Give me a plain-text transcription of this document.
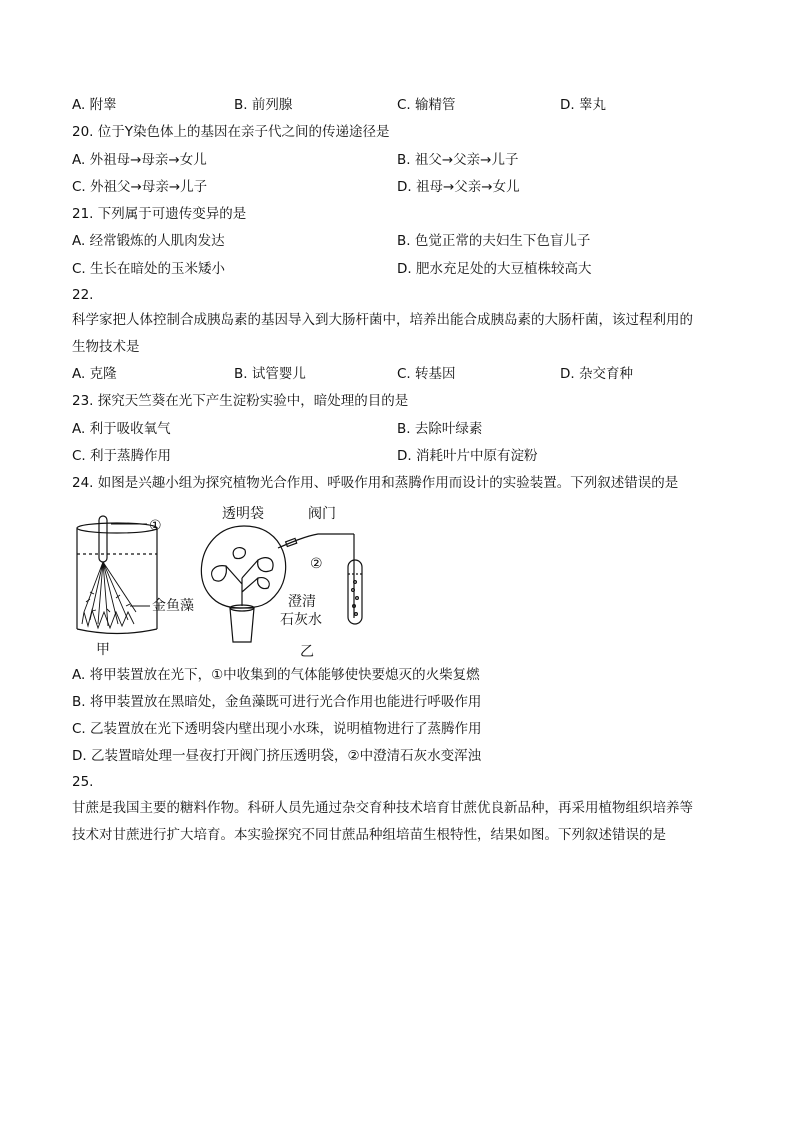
A. 附睾	B. 前列腺	C. 输精管	D. 睾丸
20. 位于Y染色体上的基因在亲子代之间的传递途径是
A. 外祖母→母亲→女儿	B. 祖父→父亲→儿子
C. 外祖父→母亲→儿子	D. 祖母→父亲→女儿
21. 下列属于可遗传变异的是
A. 经常锻炼的人肌肉发达	B. 色觉正常的夫妇生下色盲儿子
C. 生长在暗处的玉米矮小	D. 肥水充足处的大豆植株较高大
22.
科学家把人体控制合成胰岛素的基因导入到大肠杆菌中，培养出能合成胰岛素的大肠杆菌，该过程利用的
生物技术是
A. 克隆	B. 试管婴儿	C. 转基因	D. 杂交育种
23. 探究天竺葵在光下产生淀粉实验中，暗处理的目的是
A. 利于吸收氧气	B. 去除叶绿素
C. 利于蒸腾作用	D. 消耗叶片中原有淀粉
24. 如图是兴趣小组为探究植物光合作用、呼吸作用和蒸腾作用而设计的实验装置。下列叙述错误的是
①
金鱼藻
甲
透明袋	阀门
②
澄清
石灰水
乙
A. 将甲装置放在光下，①中收集到的气体能够使快要熄灭的火柴复燃
B. 将甲装置放在黑暗处，金鱼藻既可进行光合作用也能进行呼吸作用
C. 乙装置放在光下透明袋内壁出现小水珠，说明植物进行了蒸腾作用
D. 乙装置暗处理一昼夜打开阀门挤压透明袋，②中澄清石灰水变浑浊
25.
甘蔗是我国主要的糖料作物。科研人员先通过杂交育种技术培育甘蔗优良新品种，再采用植物组织培养等
技术对甘蔗进行扩大培育。本实验探究不同甘蔗品种组培苗生根特性，结果如图。下列叙述错误的是
